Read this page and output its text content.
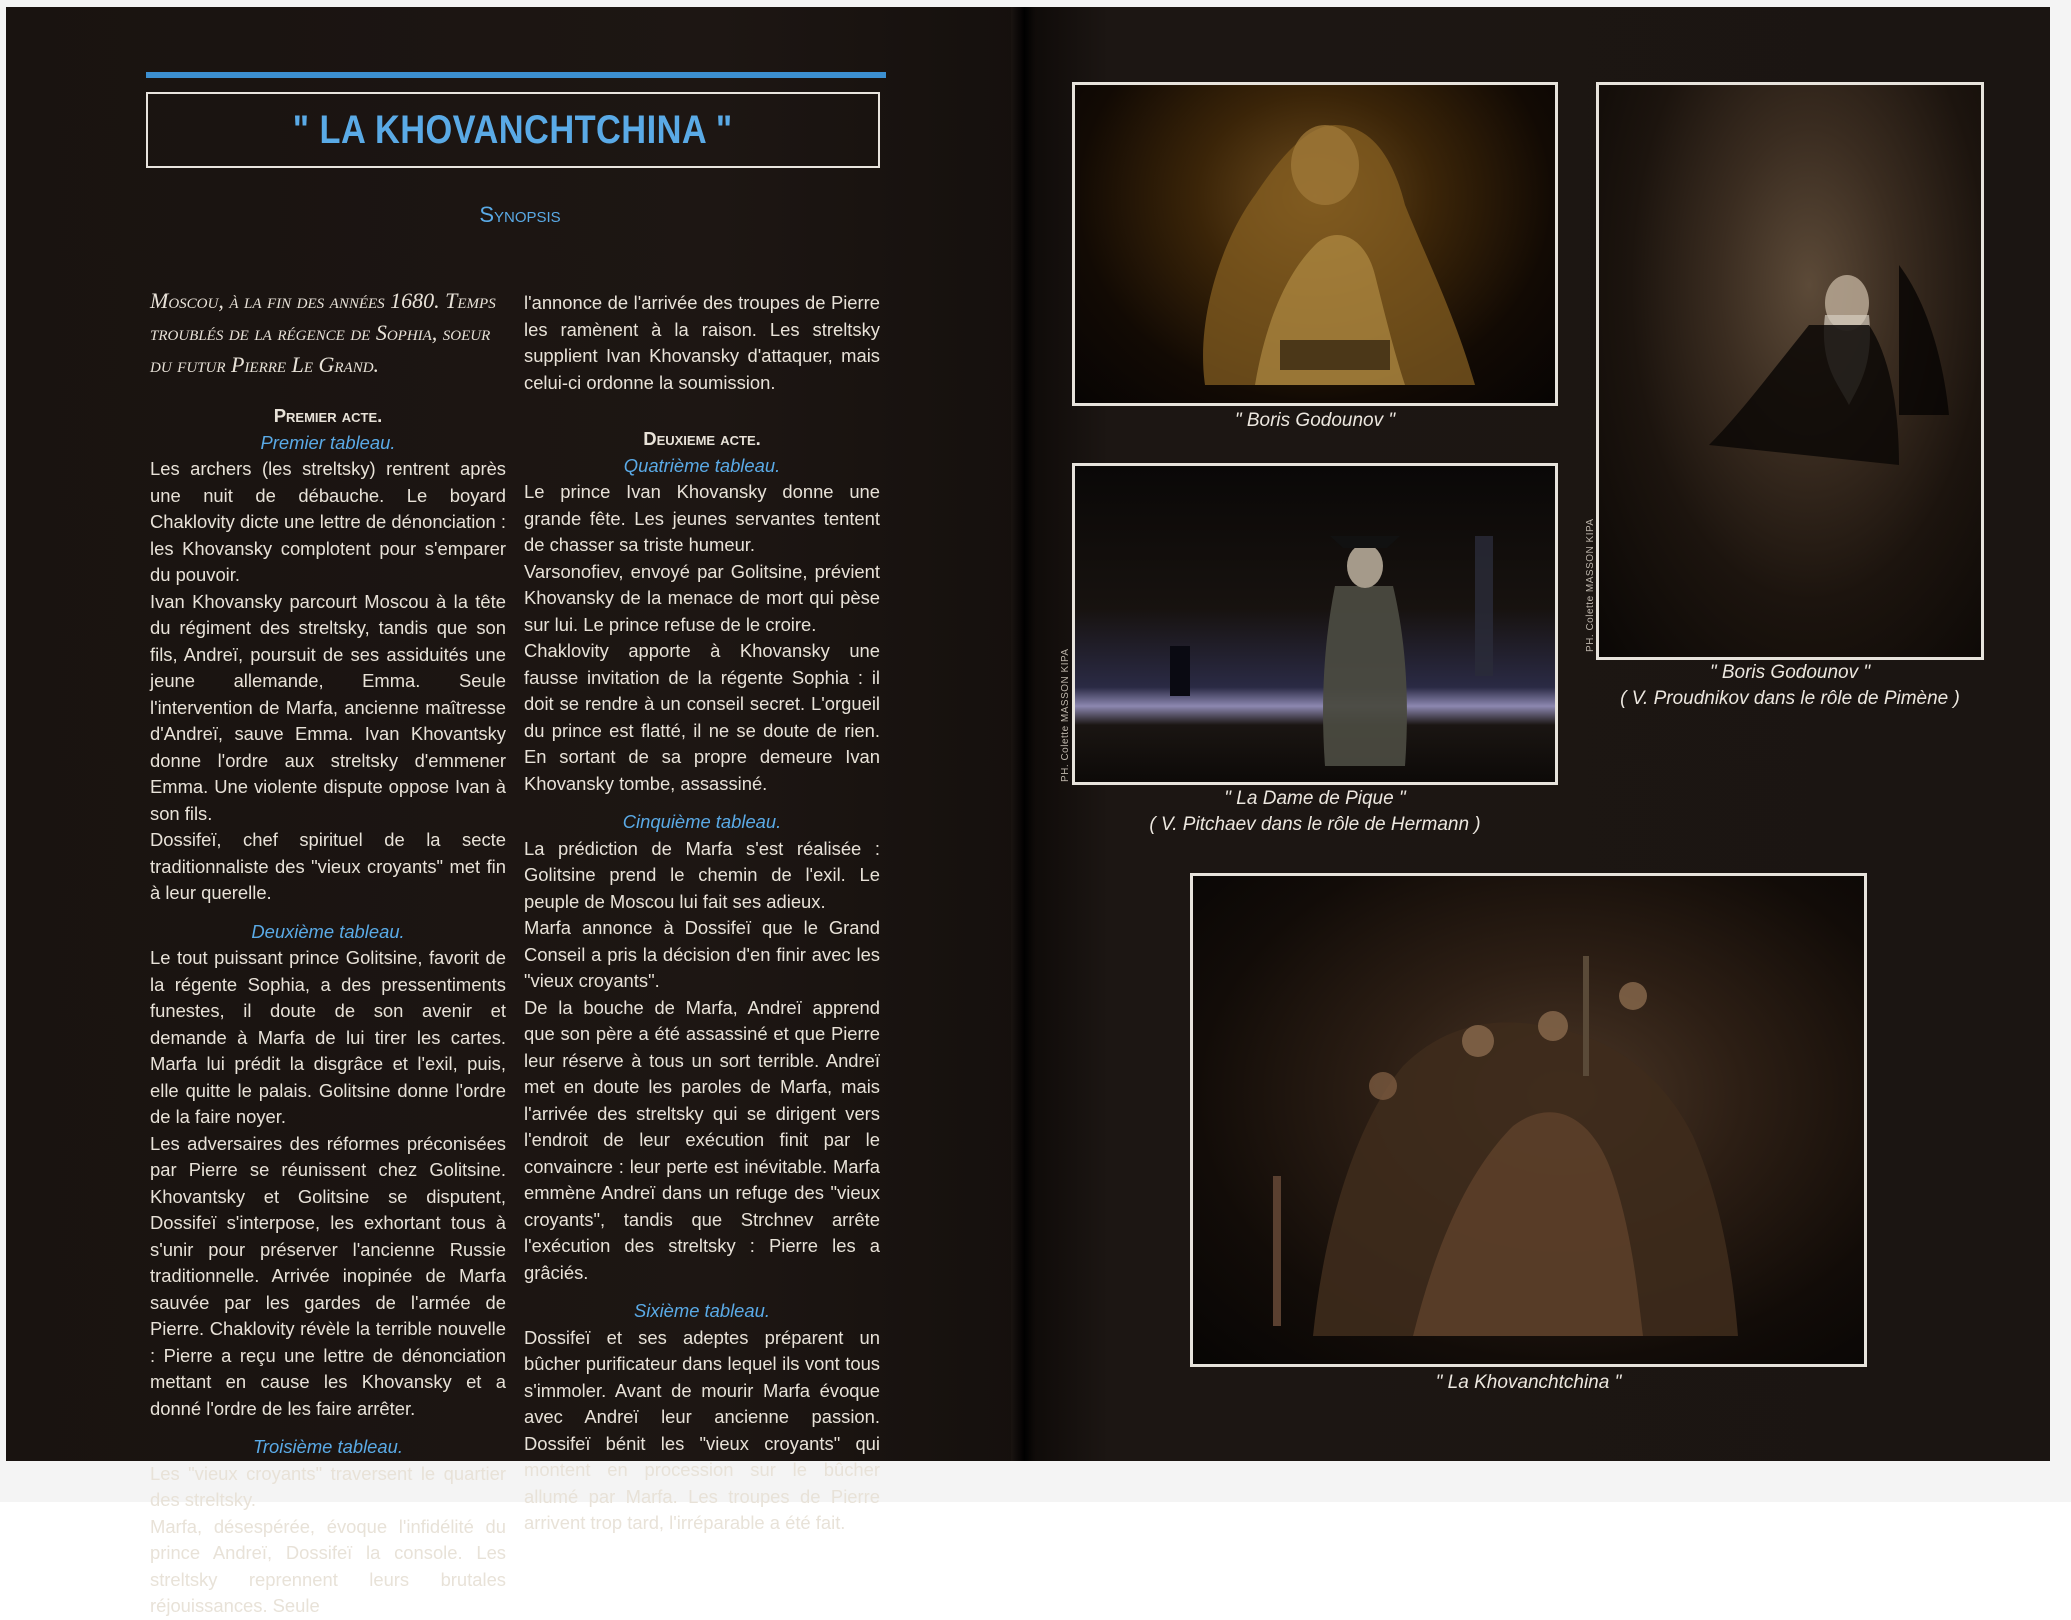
" LA KHOVANCHTCHINA "
Synopsis

Moscou, à la fin des années 1680. Temps troublés de la régence de Sophia, soeur du futur Pierre Le Grand.

Premier acte.

Premier tableau.

Les archers (les streltsky) rentrent après une nuit de débauche. Le boyard Chaklovity dicte une lettre de dénonciation : les Khovansky complotent pour s'emparer du pouvoir.

Ivan Khovansky parcourt Moscou à la tête du régiment des streltsky, tandis que son fils, Andreï, poursuit de ses assiduités une jeune allemande, Emma. Seule l'intervention de Marfa, ancienne maîtresse d'Andreï, sauve Emma. Ivan Khovantsky donne l'ordre aux streltsky d'emmener Emma. Une violente dispute oppose Ivan à son fils.

Dossifeï, chef spirituel de la secte traditionnaliste des "vieux croyants" met fin à leur querelle.

Deuxième tableau.

Le tout puissant prince Golitsine, favorit de la régente Sophia, a des pressentiments funestes, il doute de son avenir et demande à Marfa de lui tirer les cartes. Marfa lui prédit la disgrâce et l'exil, puis, elle quitte le palais. Golitsine donne l'ordre de la faire noyer.

Les adversaires des réformes préconisées par Pierre se réunissent chez Golitsine. Khovantsky et Golitsine se disputent, Dossifeï s'interpose, les exhortant tous à s'unir pour préserver l'ancienne Russie traditionnelle. Arrivée inopinée de Marfa sauvée par les gardes de l'armée de Pierre. Chaklovity révèle la terrible nouvelle : Pierre a reçu une lettre de dénonciation mettant en cause les Khovansky et a donné l'ordre de les faire arrêter.

Troisième tableau.

Les "vieux croyants" traversent le quartier des streltsky.

Marfa, désespérée, évoque l'infidélité du prince Andreï, Dossifeï la console. Les streltsky reprennent leurs brutales réjouissances. Seule

l'annonce de l'arrivée des troupes de Pierre les ramènent à la raison. Les streltsky supplient Ivan Khovansky d'attaquer, mais celui-ci ordonne la soumission.

Deuxieme acte.

Quatrième tableau.

Le prince Ivan Khovansky donne une grande fête. Les jeunes servantes tentent de chasser sa triste humeur.

Varsonofiev, envoyé par Golitsine, prévient Khovansky de la menace de mort qui pèse sur lui. Le prince refuse de le croire.

Chaklovity apporte à Khovansky une fausse invitation de la régente Sophia : il doit se rendre à un conseil secret. L'orgueil du prince est flatté, il ne se doute de rien. En sortant de sa propre demeure Ivan Khovansky tombe, assassiné.

Cinquième tableau.

La prédiction de Marfa s'est réalisée : Golitsine prend le chemin de l'exil. Le peuple de Moscou lui fait ses adieux.

Marfa annonce à Dossifeï que le Grand Conseil a pris la décision d'en finir avec les "vieux croyants".

De la bouche de Marfa, Andreï apprend que son père a été assassiné et que Pierre leur réserve à tous un sort terrible. Andreï met en doute les paroles de Marfa, mais l'arrivée des streltsky qui se dirigent vers l'endroit de leur exécution finit par le convaincre : leur perte est inévitable. Marfa emmène Andreï dans un refuge des "vieux croyants", tandis que Strchnev arrête l'exécution des streltsky : Pierre les a grâciés.

Sixième tableau.

Dossifeï et ses adeptes préparent un bûcher purificateur dans lequel ils vont tous s'immoler. Avant de mourir Marfa évoque avec Andreï leur ancienne passion. Dossifeï bénit les "vieux croyants" qui montent en procession sur le bûcher allumé par Marfa. Les troupes de Pierre arrivent trop tard, l'irréparable a été fait.

" Boris Godounov "
PH. Colette MASSON KIPA
" Boris Godounov "
( V. Proudnikov dans le rôle de Pimène )
PH. Colette MASSON KIPA
" La Dame de Pique "
( V. Pitchaev dans le rôle de Hermann )
" La Khovanchtchina "
